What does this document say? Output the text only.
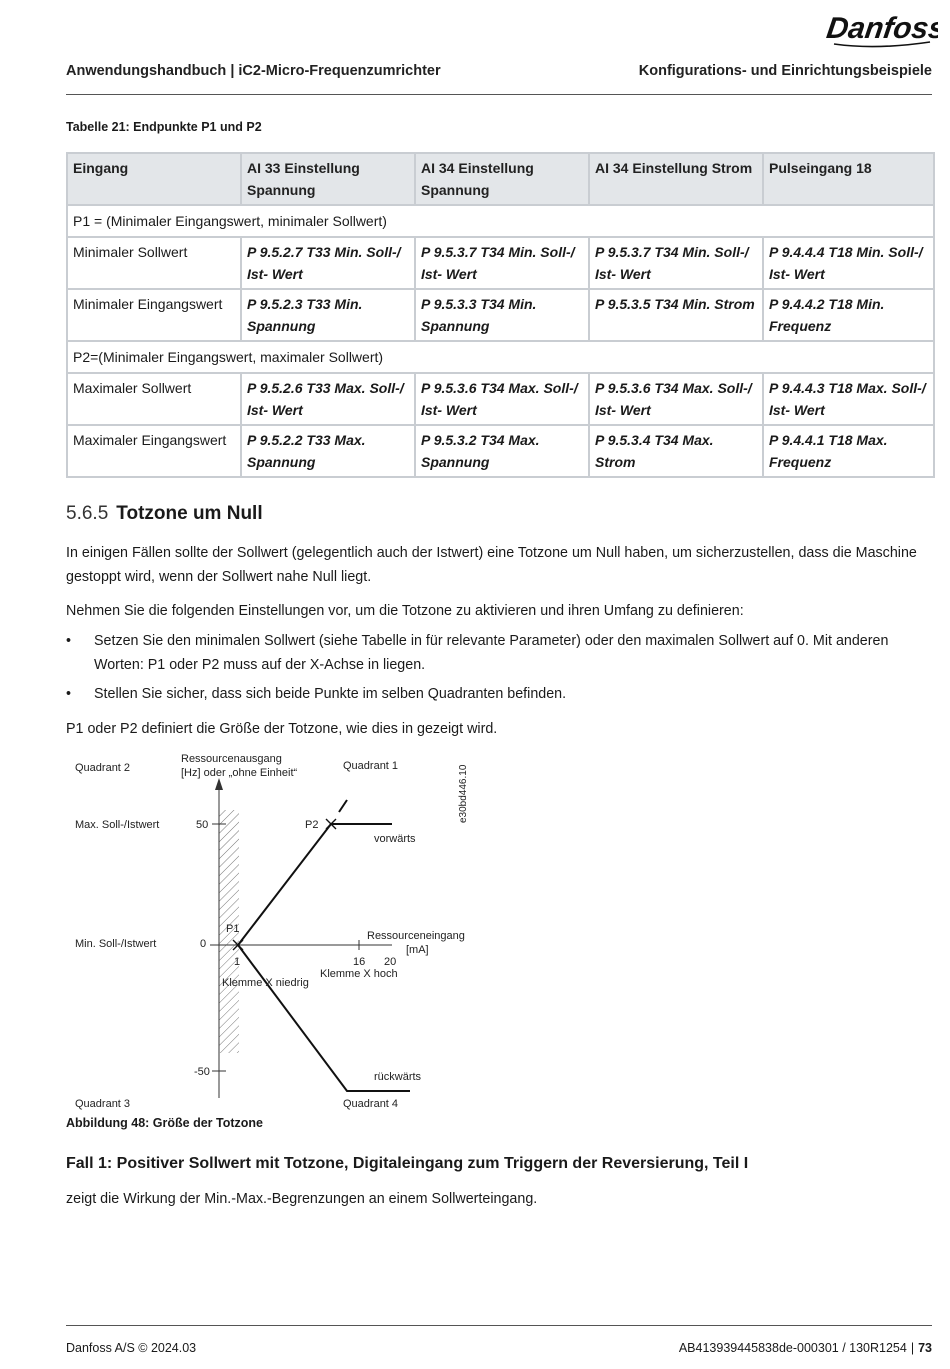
Danfoss
Anwendungshandbuch | iC2-Micro-Frequenzumrichter	Konfigurations- und Einrichtungsbeispiele
Tabelle 21: Endpunkte P1 und P2
Eingang	AI 33 Einstellung Spannung	AI 34 Einstellung Spannung	AI 34 Einstellung Strom	Pulseingang 18
P1 = (Minimaler Eingangswert, minimaler Sollwert)				
Minimaler Sollwert	P 9.5.2.7 T33 Min. Soll-/ Ist- Wert	P 9.5.3.7 T34 Min. Soll-/ Ist- Wert	P 9.5.3.7 T34 Min. Soll-/ Ist- Wert	P 9.4.4.4 T18 Min. Soll-/ Ist- Wert
Minimaler Eingangswert	P 9.5.2.3 T33 Min. Spannung	P 9.5.3.3 T34 Min. Spannung	P 9.5.3.5 T34 Min. Strom	P 9.4.4.2 T18 Min. Frequenz
P2=(Minimaler Eingangswert, maximaler Sollwert)				
Maximaler Sollwert	P 9.5.2.6 T33 Max. Soll-/ Ist- Wert	P 9.5.3.6 T34 Max. Soll-/ Ist- Wert	P 9.5.3.6 T34 Max. Soll-/ Ist- Wert	P 9.4.4.3 T18 Max. Soll-/ Ist- Wert
Maximaler Eingangswert	P 9.5.2.2 T33 Max. Spannung	P 9.5.3.2 T34 Max. Spannung	P 9.5.3.4 T34 Max. Strom	P 9.4.4.1 T18 Max. Frequenz
5.6.5 Totzone um Null
In einigen Fällen sollte der Sollwert (gelegentlich auch der Istwert) eine Totzone um Null haben, um sicherzustellen, dass die Maschine gestoppt wird, wenn der Sollwert nahe Null liegt.
Nehmen Sie die folgenden Einstellungen vor, um die Totzone zu aktivieren und ihren Umfang zu definieren:
• Setzen Sie den minimalen Sollwert (siehe Tabelle in für relevante Parameter) oder den maximalen Sollwert auf 0. Mit anderen Worten: P1 oder P2 muss auf der X-Achse in liegen.
• Stellen Sie sicher, dass sich beide Punkte im selben Quadranten befinden.
P1 oder P2 definiert die Größe der Totzone, wie dies in gezeigt wird.
Quadrant 2	Quadrant 1
Quadrant 3	Quadrant 4
Ressourcenausgang
[Hz] oder „ohne Einheit“
Max. Soll-/Istwert
Min. Soll-/Istwert
50
0
-50
P1
P2
vorwärts
rückwärts
Ressourceneingang
[mA]
1	16 20
Klemme X niedrig
Klemme X hoch
e30bd446.10
Abbildung 48: Größe der Totzone
Fall 1: Positiver Sollwert mit Totzone, Digitaleingang zum Triggern der Reversierung, Teil I
zeigt die Wirkung der Min.-Max.-Begrenzungen an einem Sollwerteingang.
Danfoss A/S © 2024.03	AB413939445838de-000301 / 130R1254 | 73
